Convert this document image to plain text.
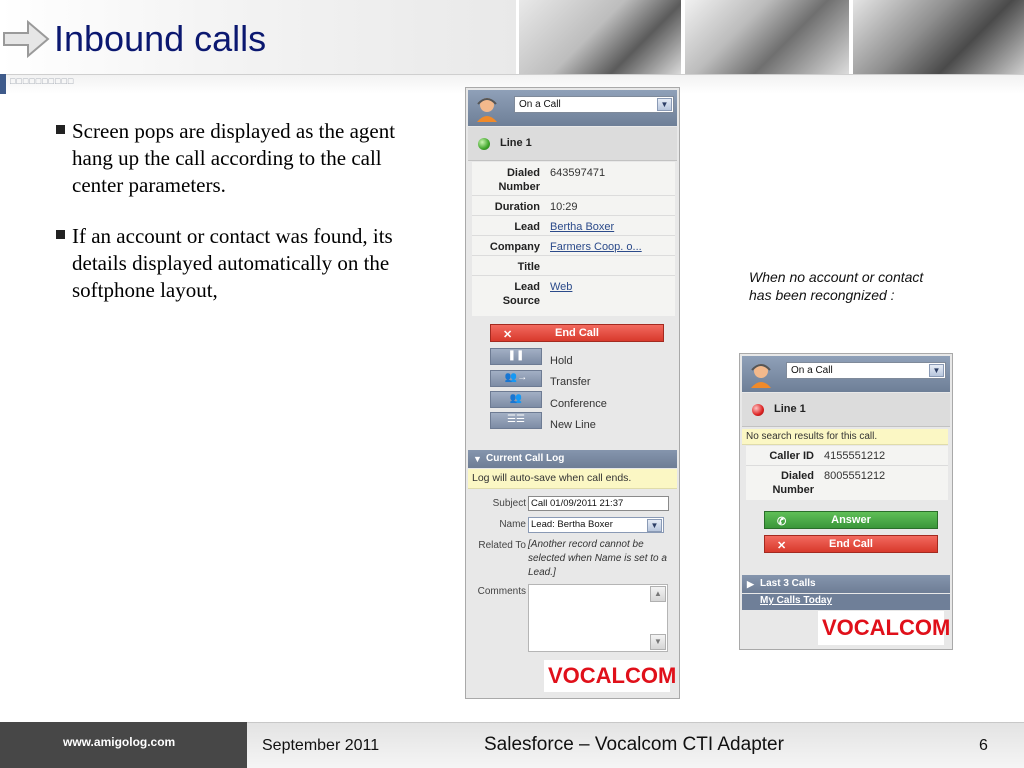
Inbound calls
□□□□□□□□□□
Screen pops are displayed as the agent hang up the call according to the call center parameters.
If an account or contact was found, its details displayed automatically on the softphone layout,
On a Call	▼
Line 1
Dialed
Number
643597471
Duration 10:29
Lead Bertha Boxer
Company Farmers Coop. o...
Title
Lead
Source
Web
✕	End Call
❚❚	Hold
👥→	Transfer
👥	Conference
☰☰	New Line
▼ Current Call Log
Log will auto-save when call ends.
Subject Call 01/09/2011 21:37
Name Lead: Bertha Boxer	▼
Related To [Another record cannot be selected when Name is set to a Lead.]
Comments	▲
▼
VOCALCOM
When no account or contact has been recongnized :
On a Call	▼
Line 1
No search results for this call.
Caller ID 4155551212
Dialed
Number
8005551212
✆	Answer
✕	End Call
▶ Last 3 Calls
My Calls Today
VOCALCOM
www.amigolog.com	September 2011	Salesforce – Vocalcom CTI Adapter	6
